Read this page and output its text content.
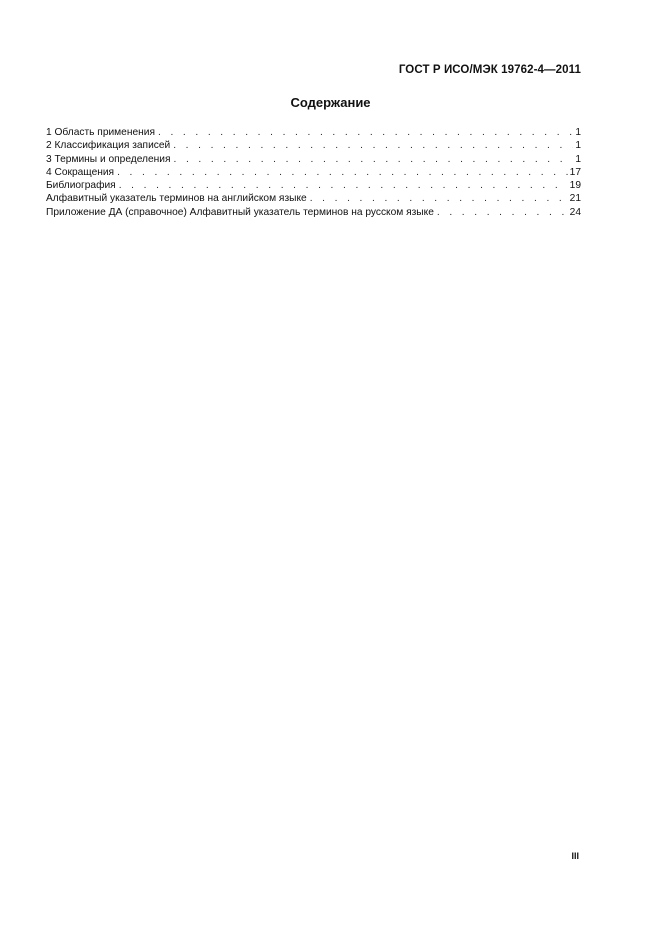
ГОСТ Р ИСО/МЭК 19762-4—2011
Содержание
1 Область применения . . .	1
2 Классификация записей . . .	1
3 Термины и определения . . .	1
4 Сокращения . . .	17
Библиография . . .	19
Алфавитный указатель терминов на английском языке . . .	21
Приложение ДА (справочное) Алфавитный указатель терминов на русском языке . . .	24
III
